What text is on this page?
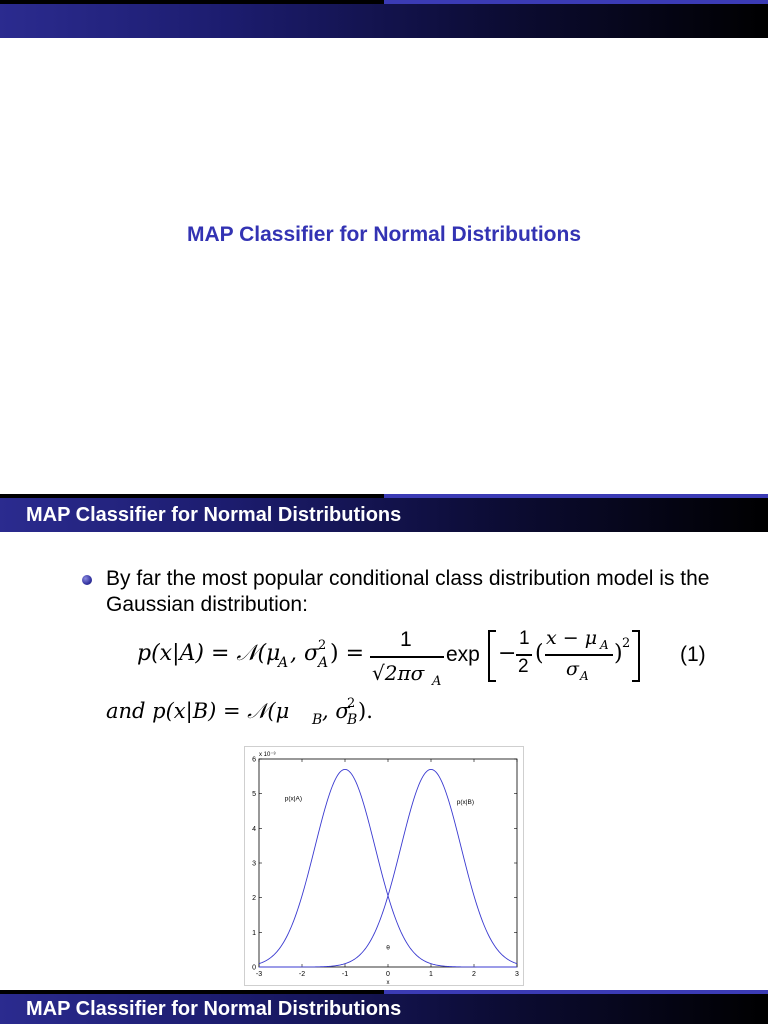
MAP Classifier for Normal Distributions
MAP Classifier for Normal Distributions
By far the most popular conditional class distribution model is the Gaussian distribution:
p(x|A) = 𝒩(μ
A , σ
2
A ) =
1
√2πσ A
exp −
1
2
(
x − μ A
σ A
) 2 (1)
and p(x|B) = 𝒩(μ B , σ
2
B ).
-3	-2	-1	0	1	2	3
0
1
2
3
4
5
6
x 10⁻³
x
p(x|A)	p(x|B)
θ
MAP Classifier for Normal Distributions
